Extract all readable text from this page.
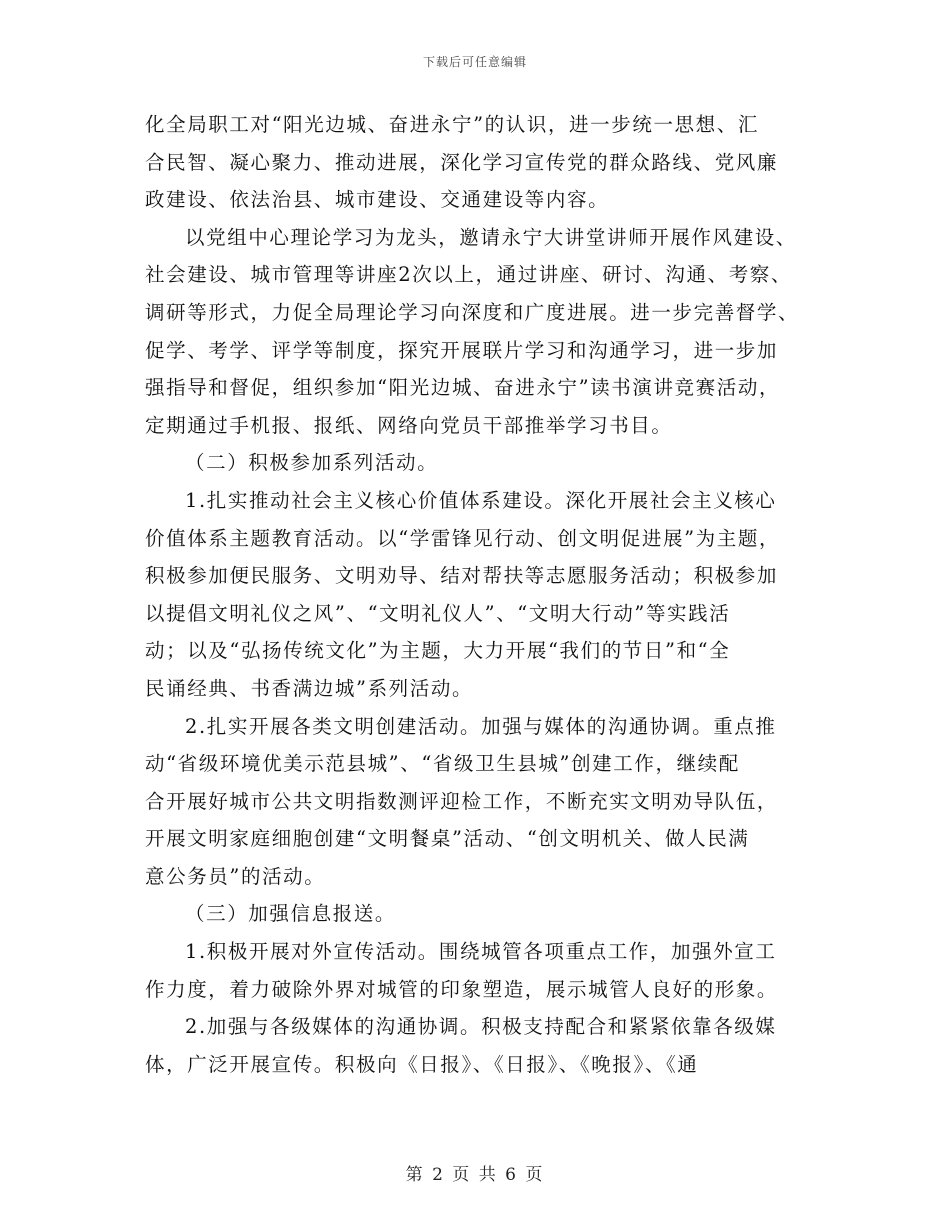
下载后可任意编辑
化全局职工对“阳光边城、奋进永宁”的认识，进一步统一思想、汇
合民智、凝心聚力、推动进展，深化学习宣传党的群众路线、党风廉
政建设、依法治县、城市建设、交通建设等内容。
以党组中心理论学习为龙头，邀请永宁大讲堂讲师开展作风建设、
社会建设、城市管理等讲座2次以上，通过讲座、研讨、沟通、考察、
调研等形式，力促全局理论学习向深度和广度进展。进一步完善督学、
促学、考学、评学等制度，探究开展联片学习和沟通学习，进一步加
强指导和督促，组织参加“阳光边城、奋进永宁”读书演讲竞赛活动，
定期通过手机报、报纸、网络向党员干部推举学习书目。
（二）积极参加系列活动。
1.扎实推动社会主义核心价值体系建设。深化开展社会主义核心
价值体系主题教育活动。以“学雷锋见行动、创文明促进展”为主题，
积极参加便民服务、文明劝导、结对帮扶等志愿服务活动；积极参加
以提倡文明礼仪之风”、“文明礼仪人”、“文明大行动”等实践活
动；以及“弘扬传统文化”为主题，大力开展“我们的节日”和“全
民诵经典、书香满边城”系列活动。
2.扎实开展各类文明创建活动。加强与媒体的沟通协调。重点推
动“省级环境优美示范县城”、“省级卫生县城”创建工作，继续配
合开展好城市公共文明指数测评迎检工作，不断充实文明劝导队伍，
开展文明家庭细胞创建“文明餐桌”活动、“创文明机关、做人民满
意公务员”的活动。
（三）加强信息报送。
1.积极开展对外宣传活动。围绕城管各项重点工作，加强外宣工
作力度，着力破除外界对城管的印象塑造，展示城管人良好的形象。
2.加强与各级媒体的沟通协调。积极支持配合和紧紧依靠各级媒
体，广泛开展宣传。积极向《日报》、《日报》、《晚报》、《通
第 2 页 共 6 页
